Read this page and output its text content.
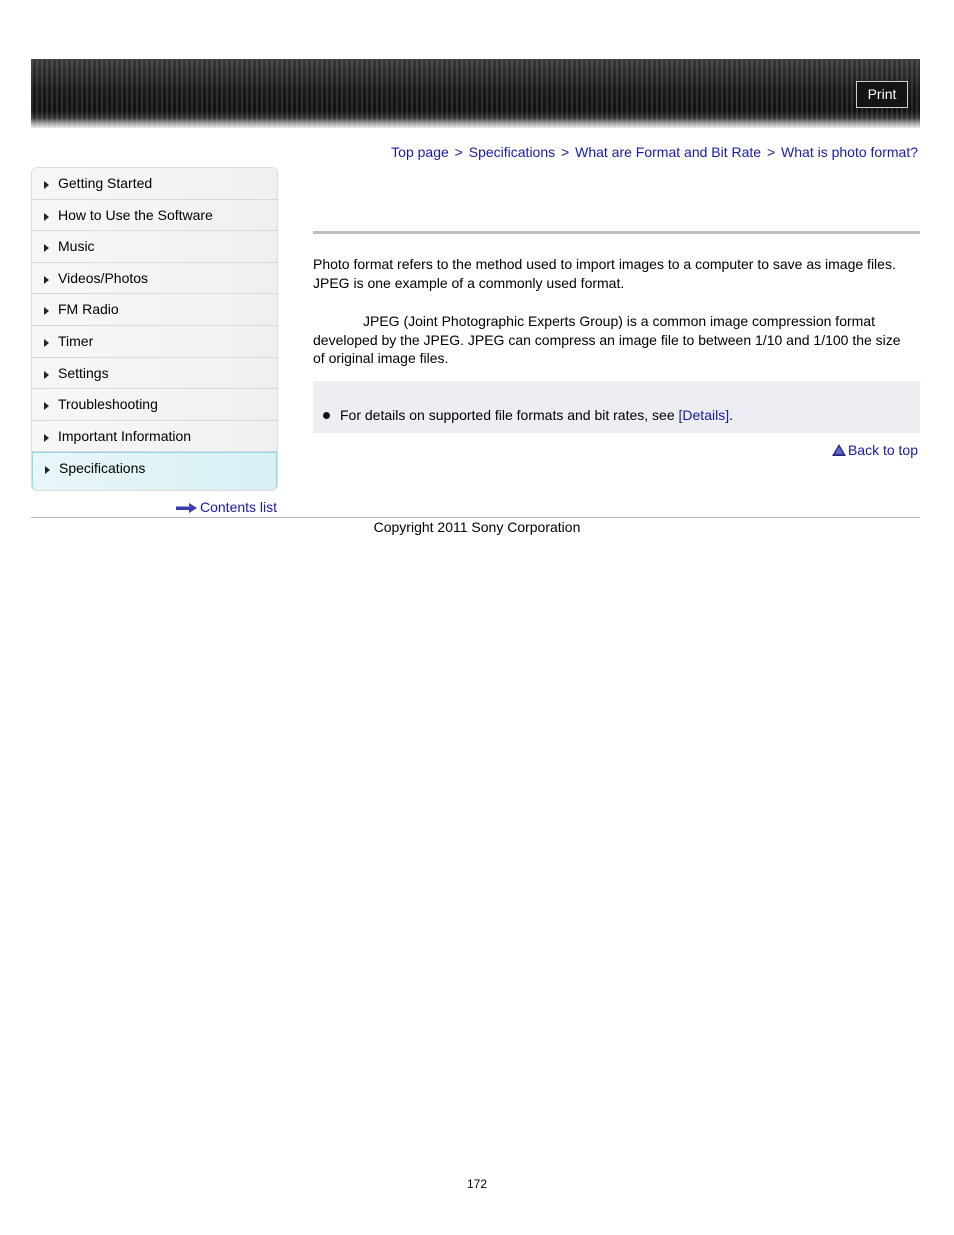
Print
Top page > Specifications > What are Format and Bit Rate > What is photo format?
Getting Started
How to Use the Software
Music
Videos/Photos
FM Radio
Timer
Settings
Troubleshooting
Important Information
Specifications
Contents list
Photo format refers to the method used to import images to a computer to save as image files.
JPEG is one example of a commonly used format.
JPEG (Joint Photographic Experts Group) is a common image compression format
developed by the JPEG. JPEG can compress an image file to between 1/10 and 1/100 the size
of original image files.
For details on supported file formats and bit rates, see [Details].
Back to top
Copyright 2011 Sony Corporation
172
